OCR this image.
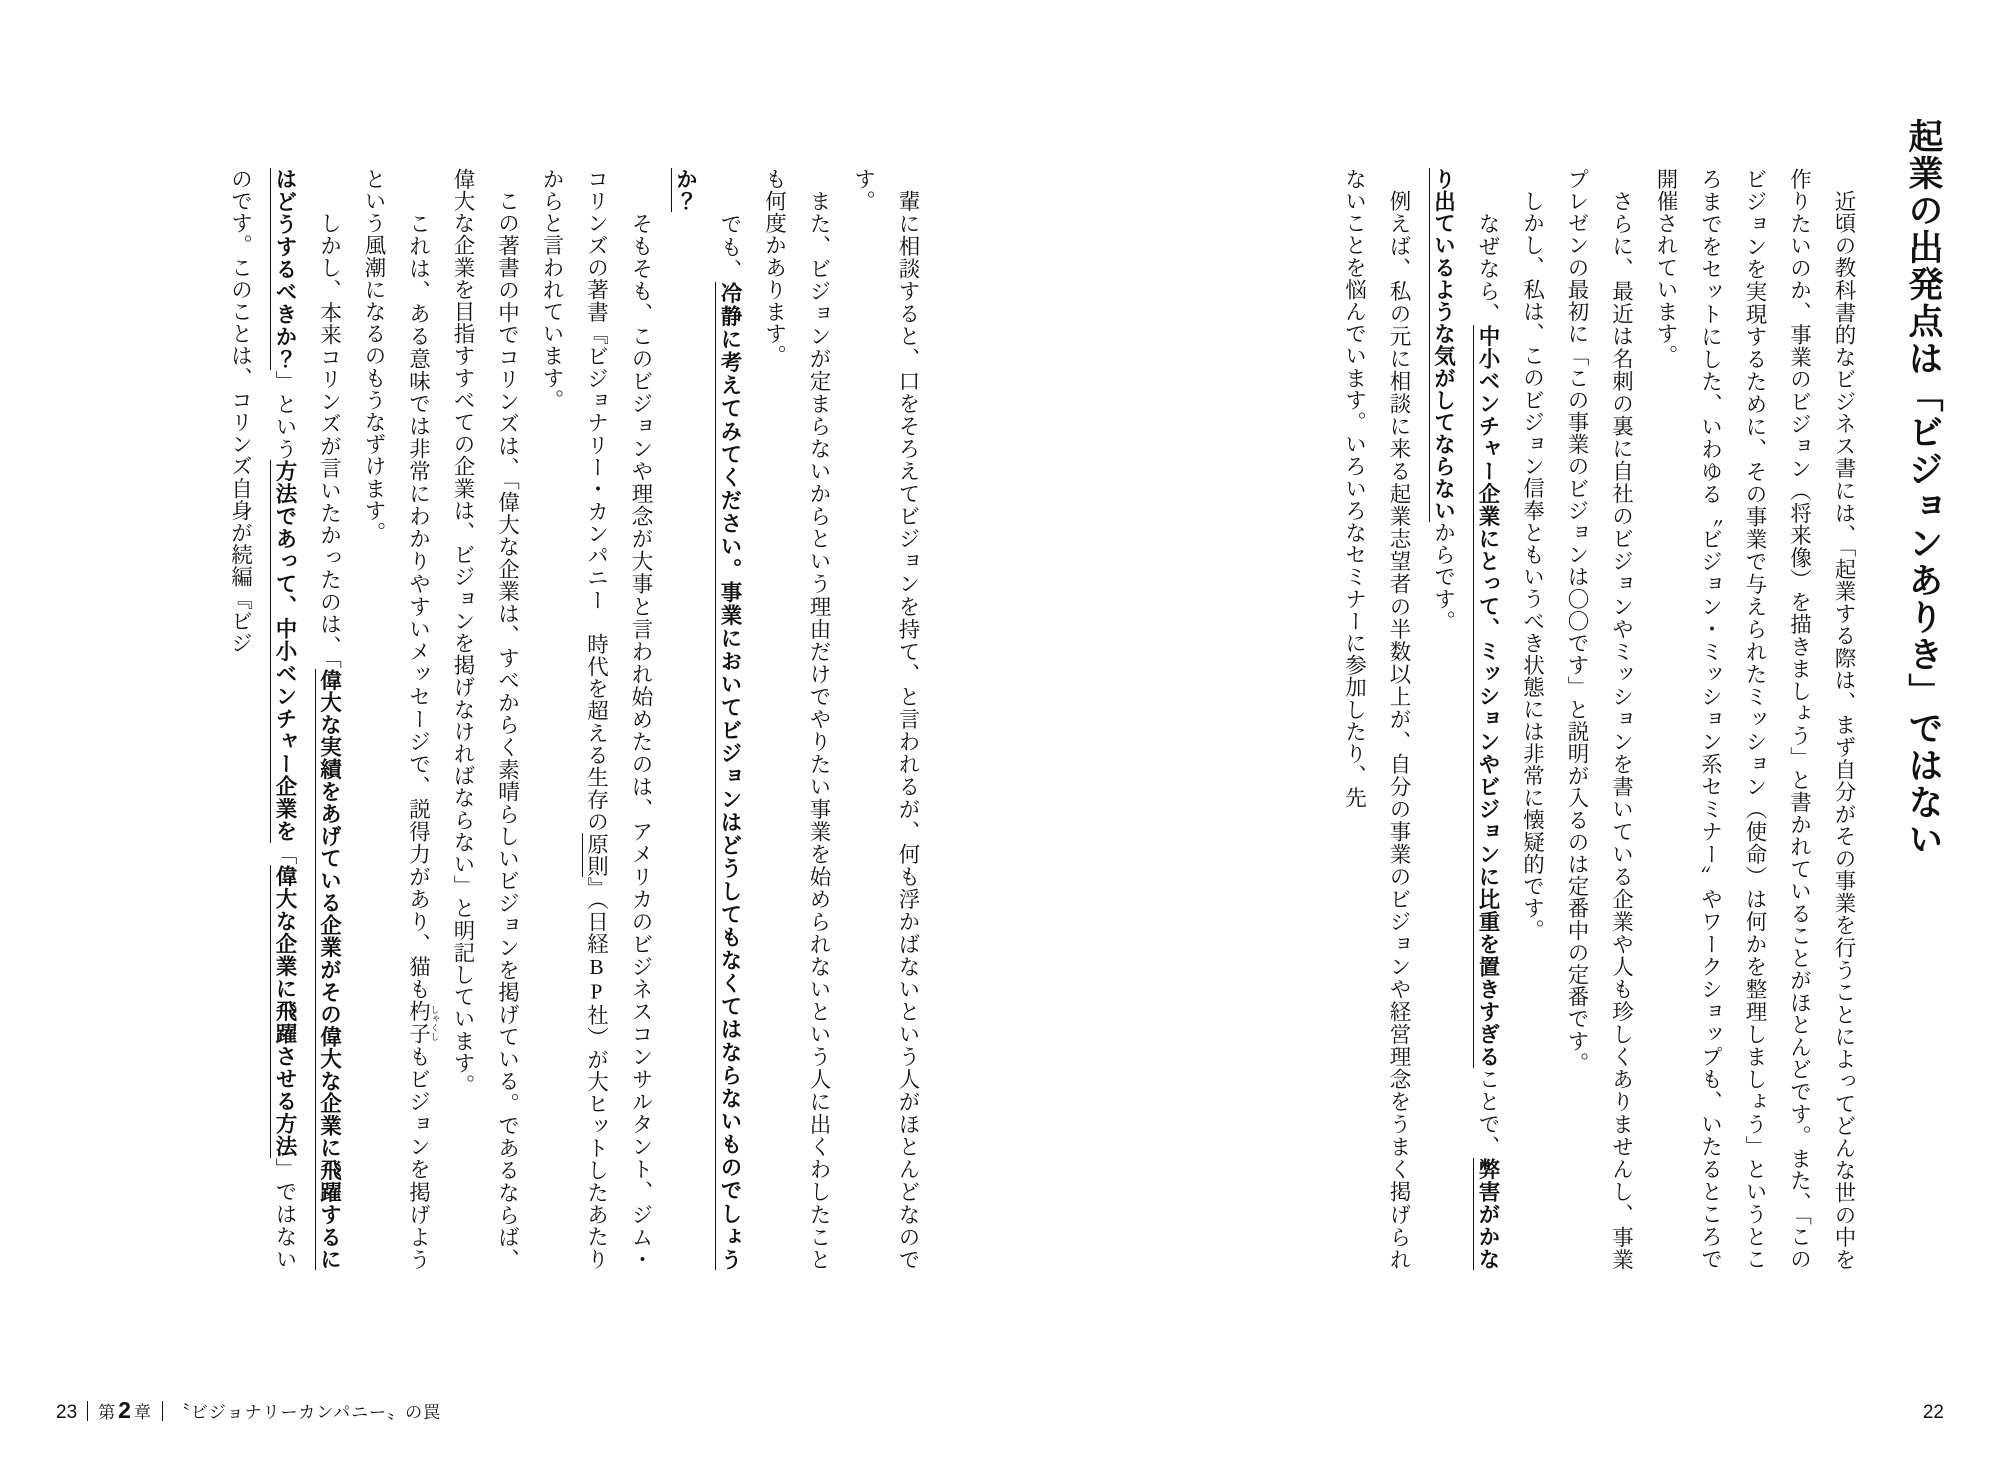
起業の出発点は「ビジョンありき」ではない

近頃の教科書的なビジネス書には、「起業する際は、まず自分がその事業を行うことによってどんな世の中を作りたいのか、事業のビジョン（将来像）を描きましょう」と書かれていることがほとんどです。また、「このビジョンを実現するために、その事業で与えられたミッション（使命）は何かを整理しましょう」というところまでをセットにした、いわゆる〝ビジョン・ミッション系セミナー〟やワークショップも、いたるところで開催されています。

さらに、最近は名刺の裏に自社のビジョンやミッションを書いている企業や人も珍しくありませんし、事業プレゼンの最初に「この事業のビジョンは〇〇です」と説明が入るのは定番中の定番です。

しかし、私は、このビジョン信奉ともいうべき状態には非常に懐疑的です。

　なぜなら、中小ベンチャー企業にとって、ミッションやビジョンに比重を置きすぎることで、弊害がかなり出ているような気がしてならないからです。

例えば、私の元に相談に来る起業志望者の半数以上が、自分の事業のビジョンや経営理念をうまく掲げられないことを悩んでいます。いろいろなセミナーに参加したり、先

22

輩に相談すると、口をそろえてビジョンを持て、と言われるが、何も浮かばないという人がほとんどなのです。

また、ビジョンが定まらないからという理由だけでやりたい事業を始められないという人に出くわしたことも何度かあります。

　でも、冷静に考えてみてください。事業においてビジョンはどうしてもなくてはならないものでしょうか？

　そもそも、このビジョンや理念が大事と言われ始めたのは、アメリカのビジネスコンサルタント、ジム・コリンズの著書『ビジョナリー・カンパニー　時代を超える生存の原則』（日経BP社）が大ヒットしたあたりからと言われています。

この著書の中でコリンズは、「偉大な企業は、すべからく素晴らしいビジョンを掲げている。であるならば、偉大な企業を目指すすべての企業は、ビジョンを掲げなければならない」と明記しています。

　これは、ある意味では非常にわかりやすいメッセージで、説得力があり、猫も杓子 しゃくしもビジョンを掲げようという風潮になるのもうなずけます。

　しかし、本来コリンズが言いたかったのは、「偉大な実績をあげている企業がその偉大な企業に飛躍するにはどうするべきか？」という方法であって、中小ベンチャー企業を「偉大な企業に飛躍させる方法」ではないのです。このことは、コリンズ自身が続編『ビジ

23 第2 章 〝ビジョナリーカンパニー〟の罠
